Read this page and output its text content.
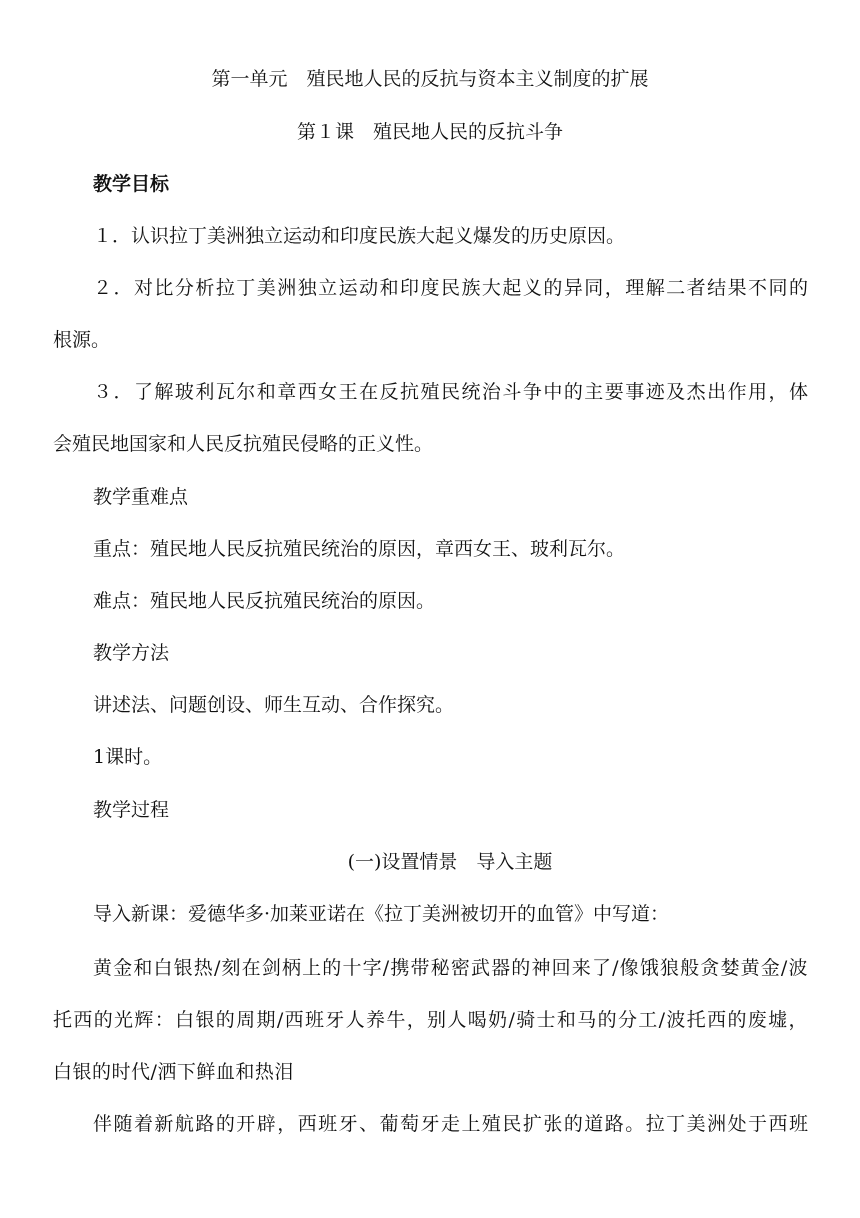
第一单元　殖民地人民的反抗与资本主义制度的扩展
第１课　殖民地人民的反抗斗争
教学目标
１．认识拉丁美洲独立运动和印度民族大起义爆发的历史原因。
２．对比分析拉丁美洲独立运动和印度民族大起义的异同，理解二者结果不同的
根源。
３．了解玻利瓦尔和章西女王在反抗殖民统治斗争中的主要事迹及杰出作用，体
会殖民地国家和人民反抗殖民侵略的正义性。
教学重难点
重点：殖民地人民反抗殖民统治的原因，章西女王、玻利瓦尔。
难点：殖民地人民反抗殖民统治的原因。
教学方法
讲述法、问题创设、师生互动、合作探究。
1课时。
教学过程
(一)设置情景　导入主题
导入新课：爱德华多·加莱亚诺在《拉丁美洲被切开的血管》中写道：
黄金和白银热/刻在剑柄上的十字/携带秘密武器的神回来了/像饿狼般贪婪黄金/波
托西的光辉：白银的周期/西班牙人养牛，别人喝奶/骑士和马的分工/波托西的废墟，
白银的时代/洒下鲜血和热泪
伴随着新航路的开辟，西班牙、葡萄牙走上殖民扩张的道路。拉丁美洲处于西班
